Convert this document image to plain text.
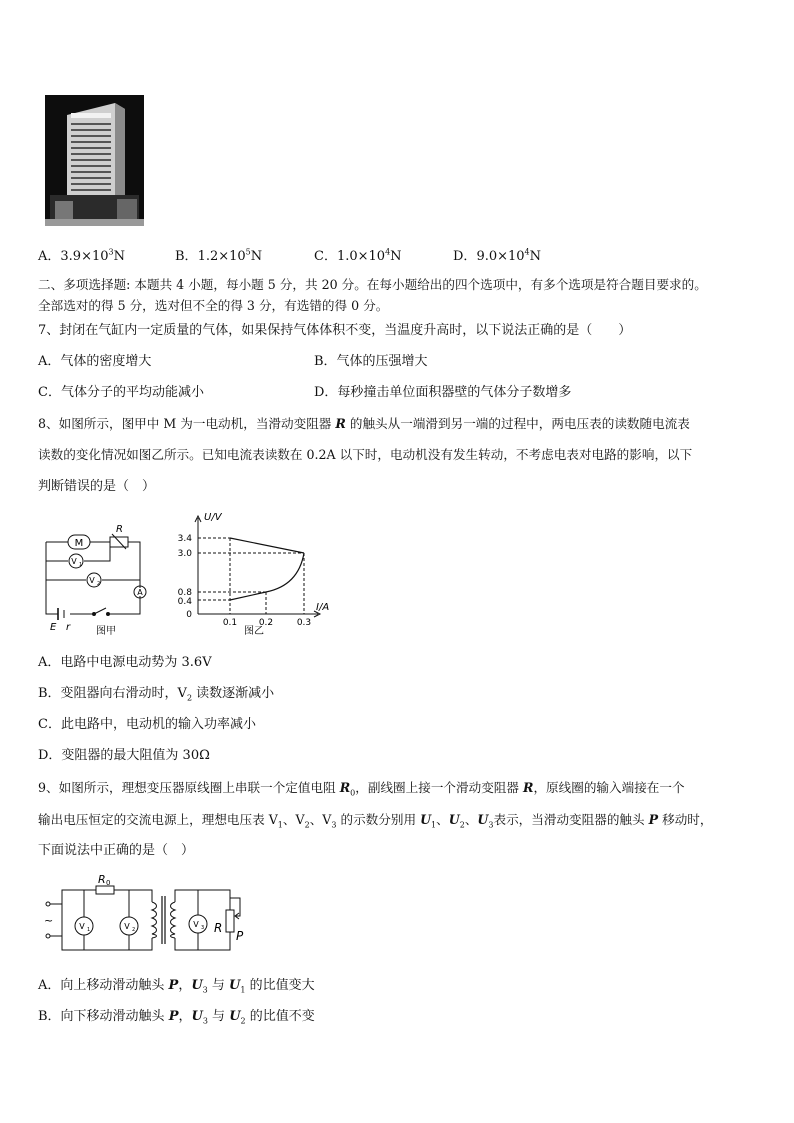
A．$3.9\times 10^3N$	B．$1.2\times 10^5N$	C．$1.0\times 10^4N$	D．$9.0\times 10^4N$
二、多项选择题: 本题共 4 小题，每小题 5 分，共 20 分。在每小题给出的四个选项中，有多个选项是符合题目要求的。
全部选对的得 5 分，选对但不全的得 3 分，有选错的得 0 分。
7、封闭在气缸内一定质量的气体，如果保持气体体积不变，当温度升高时，以下说法正确的是（　　）
A．气体的密度增大	B．气体的压强增大
C．气体分子的平均动能减小	D．每秒撞击单位面积器壁的气体分子数增多
8、如图所示，图甲中 M 为一电动机，当滑动变阻器 R 的触头从一端滑到另一端的过程中，两电压表的读数随电流表
读数的变化情况如图乙所示。已知电流表读数在 0.2A 以下时，电动机没有发生转动，不考虑电表对电路的影响，以下
判断错误的是（　）
M
R
V 1
V 2
A
E r	图甲
U/V
I/A
3.4
3.0
0.8
0.4
0
0.1 0.2	0.3
图乙
A．电路中电源电动势为 3.6V
B．变阻器向右滑动时，$V_2$ 读数逐渐减小
C．此电路中，电动机的输入功率减小
D．变阻器的最大阻值为 30Ω
9、如图所示，理想变压器原线圈上串联一个定值电阻 $R_0$，副线圈上接一个滑动变阻器 R，原线圈的输入端接在一个
输出电压恒定的交流电源上，理想电压表 $V_1$、$V_2$、$V_3$ 的示数分别用 $U_1$、$U_2$、$U_3$表示，当滑动变阻器的触头 P 移动时，
下面说法中正确的是（　）
~
R 0
V 1	V 2
V 3 R
P
A．向上移动滑动触头 P，$U_3$ 与 $U_1$ 的比值变大
B．向下移动滑动触头 P，$U_3$ 与 $U_2$ 的比值不变
